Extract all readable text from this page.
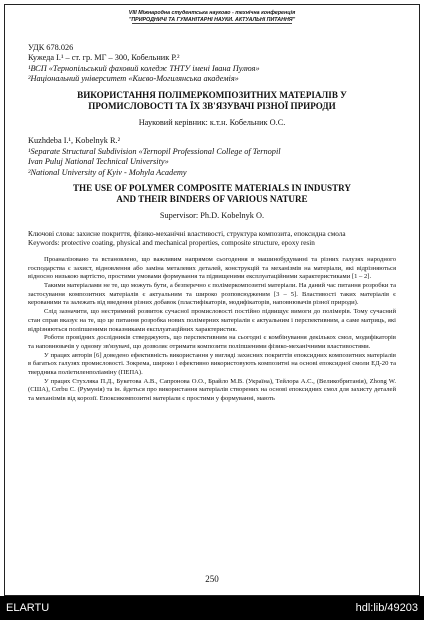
VIII Міжнародна студентська науково - технічна конференція
"ПРИРОДНИЧІ ТА ГУМАНІТАРНІ НАУКИ. АКТУАЛЬНІ ПИТАННЯ"
УДК 678.026
Кужеда І.¹ – ст. гр. МГ – 300, Кобельник Р.²
¹ВСП «Тернопільський фаховий коледж ТНТУ імені Івана Пулюя»
²Національний університет «Києво-Могилянська академія»
ВИКОРИСТАННЯ ПОЛІМЕРКОМПОЗИТНИХ МАТЕРІАЛІВ У
ПРОМИСЛОВОСТІ ТА ЇХ ЗВ'ЯЗУВАЧІ РІЗНОЇ ПРИРОДИ
Науковий керівник: к.т.н. Кобельник О.С.
Kuzhdeba I.¹, Kobelnyk R.²
¹Separate Structural Subdivision «Ternopil Professional College of Ternopil
Ivan Puluj National Technical University»
²National University of Kyiv - Mohyla Academy
THE USE OF POLYMER COMPOSITE MATERIALS IN INDUSTRY
AND THEIR BINDERS OF VARIOUS NATURE
Supervisor: Ph.D. Kobelnyk O.
Ключові слова: захисне покриття, фізико-механічні властивості, структура композита, епоксидна смола
Keywords: protective coating, physical and mechanical properties, composite structure, epoxy resin

Проаналізовано та встановлено, що важливим напрямом сьогодення в машинобудуванні та різних галузях народного господарства є захист, відновлення або заміна металевих деталей, конструкцій та механізмів на матеріали, які відрізняються відносно низькою вартістю, простими умовами формування та підвищеними експлуатаційними характеристиками [1 – 2].

Такими матеріалами не те, що можуть бути, а безперечно є полімеркомпозитні матеріали. На даний час питання розробки та застосування композитних матеріалів є актуальним та широко розповсюдженим [3 – 5]. Властивості таких матеріалів є керованими та залежать від введення різних добавок (пластифікаторів, модифікаторів, наповнювачів різної природи).

Слід зазначити, що нестримний розвиток сучасної промисловості постійно підвищує вимоги до полімерів. Тому сучасний стан справ вказує на те, що це питання розробка нових полімерних матеріалів є актуальним і перспективним, а саме матриць, які відрізняються поліпшеними показниками експлуатаційних характеристик.

Роботи провідних дослідників стверджують, що перспективним на сьогодні є комбінування декількох смол, модифікаторів та наповнювачів у одному зв'язувачі, що дозволяє отримати композити поліпшеними фізико-механічними властивостями.

У працях авторів [6] доведено ефективність використання у вигляді захисних покриттів епоксидних композитних матеріалів в багатьох галузях промисловості. Зокрема, широко і ефективно використовують композитні на основі епоксидної смоли ЕД-20 та твердника поліетиленполіаміну (ПЕПА).

У працях Стухляка П.Д., Букетова А.В., Сапронова О.О., Брайло М.В. (Україна), Тейлора А.С., (Великобританія), Zhong W. (США), Cerbu C. (Румунія) та ін. йдеться про використання матеріалів створених на основі епоксидних смол для захисту деталей та механізмів від корозії. Епоксикомпозитні матеріали є простими у формуванні, мають

250
ELARTU	hdl:lib/49203
